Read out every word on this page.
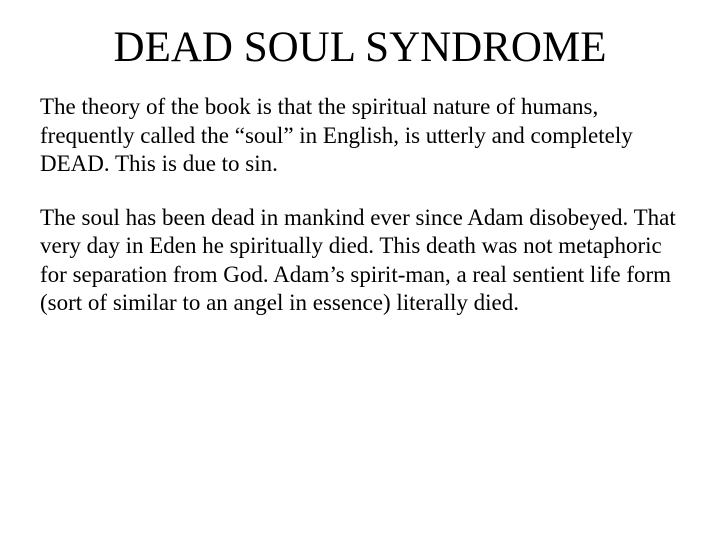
DEAD SOUL SYNDROME

The theory of the book is that the spiritual nature of humans, frequently called the “soul” in English, is utterly and completely DEAD. This is due to sin.

The soul has been dead in mankind ever since Adam disobeyed. That very day in Eden he spiritually died. This death was not metaphoric for separation from God. Adam’s spirit-man, a real sentient life form (sort of similar to an angel in essence) literally died.
